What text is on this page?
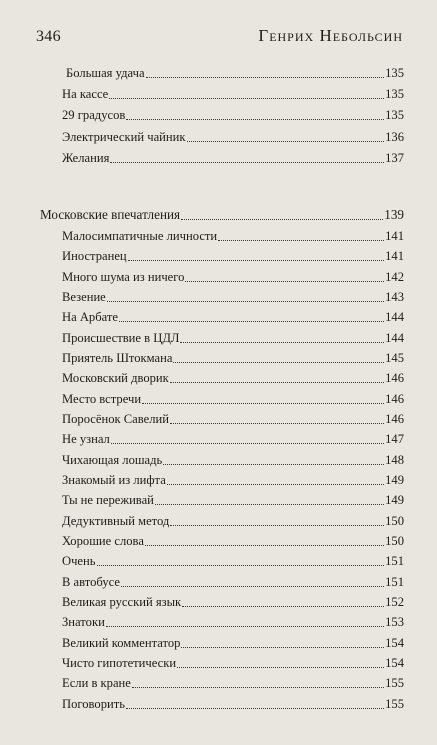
346	Генрих Небольсин
Большая удача	135
На кассе	135
29 градусов	135
Электрический чайник	136
Желания	137
Московские впечатления	139
Малосимпатичные личности	141
Иностранец	141
Много шума из ничего	142
Везение	143
На Арбате	144
Происшествие в ЦДЛ	144
Приятель Штокмана	145
Московский дворик	146
Место встречи	146
Поросёнок Савелий	146
Не узнал	147
Чихающая лошадь	148
Знакомый из лифта	149
Ты не переживай	149
Дедуктивный метод	150
Хорошие слова	150
Очень	151
В автобусе	151
Великая русский язык	152
Знатоки	153
Великий комментатор	154
Чисто гипотетически	154
Если в кране	155
Поговорить	155
